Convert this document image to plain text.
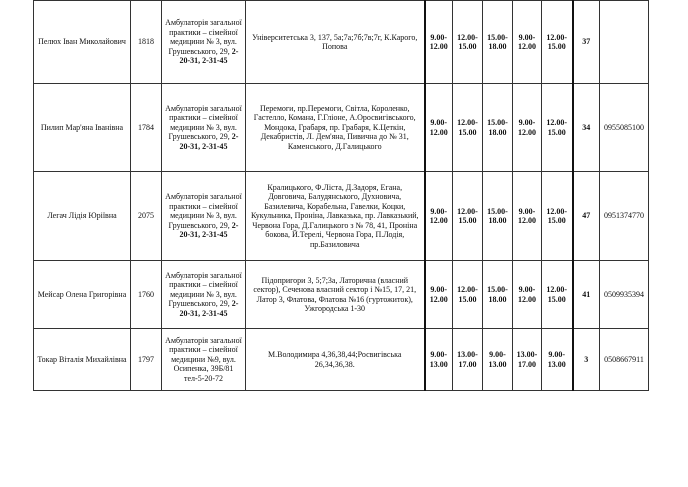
Пелюх Іван Миколайович	1818	Амбулаторія загальної практики – сімейної медицини № 3, вул. Грушевського, 29, 2-20-31, 2-31-45	Університетська 3, 137, 5а;7а;7б;7в;7г, К.Карого, Попова	9.00-12.00	12.00-15.00	15.00-18.00	9.00-12.00	12.00-15.00	37	
Пилип Мар'яна Іванівна	1784	Амбулаторія загальної практики – сімейної медицини № 3, вул. Грушевського, 29, 2-20-31, 2-31-45	Перемоги, пр.Перемоги, Світла, Короленко, Гастелло, Комана, Г.Гліоне, А.Оросвигівського, Мондока, Грабаря, пр. Грабаря, К.Цеткін, Декабристів, Л. Дем'яна, Пивична до № 31, Каменського, Д.Галицького	9.00-12.00	12.00-15.00	15.00-18.00	9.00-12.00	12.00-15.00	34	0955085100
Легач Лідія Юріївна	2075	Амбулаторія загальної практики – сімейної медицини № 3, вул. Грушевського, 29, 2-20-31, 2-31-45	Кралицького, Ф.Ліста, Д.Задоря, Егана, Довговича, Балудянського, Духновича, Базилевича, Корабельна, Гавелки, Коцки, Кукульника, Проніна, Лавказька, пр. Лавказький, Червона Гора, Д.Галицького з № 78, 41, Проніна бокова, Й.Терелі, Червона Гора, П.Лодія, пр.Базиловича	9.00-12.00	12.00-15.00	15.00-18.00	9.00-12.00	12.00-15.00	47	0951374770
Мейсар Олена Григорівна	1760	Амбулаторія загальної практики – сімейної медицини № 3, вул. Грушевського, 29, 2-20-31, 2-31-45	Підопригори 3, 5;7;3а, Латорична (власний сектор), Сеченова власний сектор і №15, 17, 21, Латор 3, Флатова, Флатова №16 (гуртожиток), Ужгородська 1-30	9.00-12.00	12.00-15.00	15.00-18.00	9.00-12.00	12.00-15.00	41	0509935394
Токар Віталія Михайлівна	1797	Амбулаторія загальної практики – сімейної медицини №9, вул. Осипенка, 39Б/81 тел-5-20-72	М.Володимира 4,36,38,44;Росвигівська 26,34,36,38.	9.00-13.00	13.00-17.00	9.00-13.00	13.00-17.00	9.00-13.00	3	0508667911
